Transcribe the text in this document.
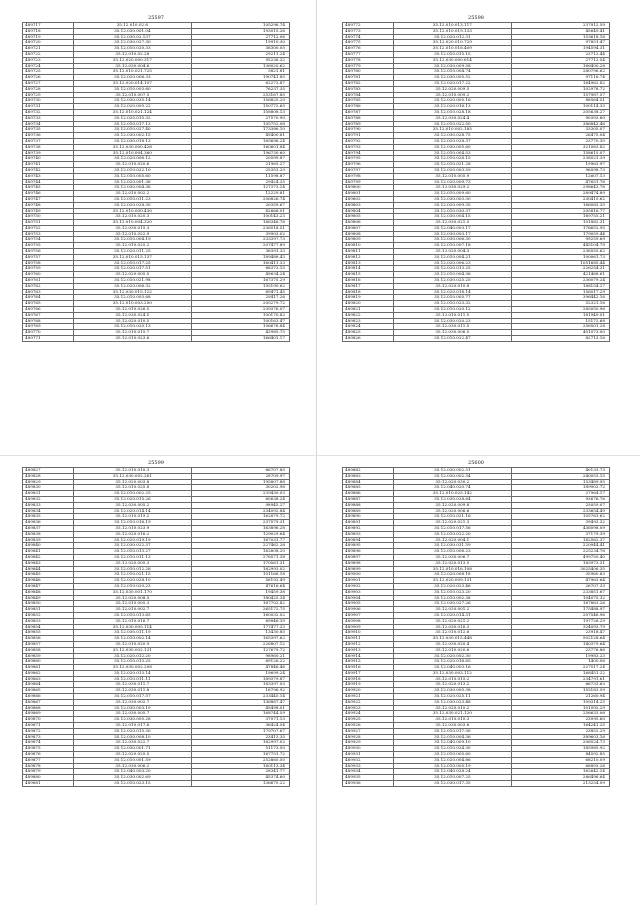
25597
489717	35.12.010.02.6	105296.74
489718	35.12.030.001.04	193015.26
489719	35.12.030.02.137	27712.06
489720	35.12.030.027.30	19910.30
489721	35.12.010.020.33	36300.05
489722	35.12.010.02.28	29211.24
489723	35.12.020.000.317	95236.32
489724	35.12.030.004.6	136020.62
489725	35.12.010.021.725	5821.81
489726	35.12.020.006.33	190741.85
489727	35.12.020.014.107	62272.87
489728	35.12.010.003.60	76237.35
489729	35.12.010.007.5	253167.85
489730	35.12.030.035.14	156825.20
489731	35.12.020.005.22	150772.65
489732	35.12.010.021.124	158808.13
489733	35.12.020.015.32	27570.90
489734	35.12.010.017.13	105752.08
489735	35.12.010.027.40	173386.10
489736	35.12.030.002.15	49400.81
489737	35.12.030.018.13	165696.24
489738	35.12.030.000.428	160601.84
489739	35.12.010.004.360	196730.60
489740	35.12.020.006.12	20599.87
489741	35.12.010.020.6	21965.27
489742	35.12.010.022.10	25353.20
489743	35.12.010.005.60	11598.87
489744	35.12.020.001.36	29424.25
489745	35.12.030.004.36	127373.14
489746	35.12.010.002.2	12229.81
489747	35.12.010.011.23	206826.74
489748	35.12.020.028.30	20359.67
489749	35.12.010.000.430	82666.01
489750	35.12.010.020.3	100143.23
489751	35.12.010.004.320	166346.76
489752	35.12.030.015.3	236518.51
489753	35.12.010.022.9	39903.02
489754	35.12.010.004.19	233397.73
489755	35.12.010.025.2	207477.89
489756	35.12.020.011.25	36391.33
489757	35.12.010.015.137	189488.43
489758	35.12.010.017.25	160411.33
489759	35.12.020.017.51	68372.15
489760	35.12.020.005.5	49634.24
489761	35.12.010.021.98	167375.29
489762	35.12.020.006.32	195190.62
489763	35.12.030.015.122	69471.45
489764	35.12.010.003.68	29417.26
489765	35.12.010.003.250	205279.72
489766	35.12.010.026.5	239376.07
489767	35.12.030.024.5	100170.82
489768	35.12.020.010.5	100163.47
489769	35.12.010.020.13	106676.84
489770	35.12.010.015.7	43985.75
489771	35.12.010.023.6	166401.17
25598
489772	35.12.010.013.117	237912.59
489773	35.12.010.019.133	45649.41
489774	35.12.020.012.31	153618.16
489775	35.12.020.010.729	97851.47
489776	35.12.010.016.409	194594.31
489777	35.12.010.015.15	23712.44
489778	35.12.030.000.614	27712.54
489779	35.12.030.009.58	166400.28
489780	35.12.010.004.74	280796.62
489781	35.12.030.005.52	97116.74
489782	35.12.020.017.22	164962.82
489783	35.12.020.009.5	102978.72
489784	35.12.010.009.2	157987.57
489785	35.12.020.005.16	88564.51
489786	35.12.020.016.13	100114.33
489787	35.12.010.028.18	205638.27
489788	35.12.030.024.4	90393.60
489789	35.12.010.022.50	386843.46
489790	35.12.010.002.185	33305.07
489791	35.12.030.028.75	26475.04
489792	35.12.020.028.37	23770.30
489793	35.12.030.005.60	321083.82
489794	35.12.010.004.53	158615.07
489795	35.12.010.028.15	238521.39
489796	35.12.010.021.28	19963.97
489797	35.12.020.003.59	96098.73
489798	35.12.010.005.9	12607.13
489799	35.12.020.009.73	47651.76
489800	35.12.030.029.2	298643.78
489801	35.12.010.009.60	289474.89
489802	35.12.030.003.30	230415.62
489803	35.12.020.009.35	166083.35
489804	35.12.010.030.37	205816.77
489805	35.12.030.004.15	189755.21
489806	35.12.030.021.5	101882.31
489807	35.12.040.003.17	176652.95
489808	35.12.030.003.17	179059.44
489809	35.12.030.006.30	99259.69
489810	35.12.010.007.18	445104.79
489811	35.12.020.004.3	236555.62
489812	35.12.010.004.21	100061.73
489813	35.12.020.006.23	1051685.44
489814	35.12.020.013.25	226254.31
489815	35.12.010.004.36	421468.61
489816	35.12.030.025.25	236079.24
489817	35.12.020.010.8	188154.27
489818	35.12.020.018.14	156017.29
489819	35.12.010.005.77	396442.16
489820	35.12.010.023.32	52321.16
489821	35.12.010.020.12	285050.96
489822	35.12.010.011.5	181949.01
489823	35.12.030.020.23	15172.68
489824	35.12.030.011.5	256501.28
489825	35.12.030.006.5	401073.00
489826	35.12.010.022.47	82713.16
25599
489827	35.12.010.010.3	66707.85
489828	35.12.030.002.261	28709.97
489829	35.12.020.003.8	195807.88
489830	35.12.010.025.8	30202.96
489831	35.12.010.002.25	239430.03
489832	35.12.020.015.26	60638.24
489833	35.12.030.005.2	98945.27
489834	35.12.020.014.14	234092.84
489835	35.12.010.019.2	162879.72
489836	35.12.010.016.19	237579.31
489837	35.12.010.023.9	163896.28
489838	35.12.020.016.2	129029.64
489839	35.12.020.019.19	167031.77
489840	35.12.030.022.37	227462.28
489841	35.12.010.013.27	162608.20
489842	35.12.010.011.13	276571.38
489843	35.12.020.005.3	170561.31
489844	35.12.010.012.28	162993.02
489845	35.12.010.021.15	101166.18
489846	35.12.020.028.10	56192.49
489847	35.12.010.020.23	47616.64
489848	35.12.030.001.170	19459.38
489849	35.12.020.008.5	180425.34
489850	35.12.010.005.3	167702.82
489851	35.12.010.002.7	265172.75
489852	35.12.010.013.65	160032.02
489853	35.12.010.016.7	69846.39
489854	35.12.030.005.114	177477.33
489855	35.12.030.011.19	13430.85
489856	35.12.010.002.14	165397.62
489857	35.12.010.020.9	226807.12
489858	35.12.030.002.131	127679.72
489859	35.12.020.012.20	98960.21
489860	35.12.010.013.25	69126.22
489861	35.12.030.002.208	47846.46
489862	35.12.020.013.14	19699.24
489863	35.12.010.011.11	189379.87
489864	35.12.030.011.7	163397.03
489865	35.12.030.011.8	16796.92
489866	35.12.010.017.57	233445.14
489867	35.12.030.002.7	136887.47
489868	35.12.030.003.19	49498.01
489869	35.12.030.005.7	168744.59
489870	35.12.030.005.28	37071.13
489871	35.12.010.017.6	36424.54
489872	35.12.020.015.30	179707.67
489873	35.12.030.008.10	23413.35
489874	35.12.030.022.7	162997.02
489875	35.12.030.001.71	51173.50
489876	35.12.020.025.5	167751.72
489877	35.12.010.001.59	252860.50
489878	35.12.030.006.2	160113.34
489879	35.12.040.003.20	28341.77
489880	35.12.030.002.69	45374.60
489881	35.12.010.023.15	136675.22
25600
489882	35.12.030.002.31	40133.73
489883	35.12.030.002.34	240053.15
489884	35.12.020.030.2	153489.95
489885	35.12.040.020.74	189902.72
489886	35.12.010.025.142	27964.17
489887	35.12.030.028.64	93676.76
489888	35.12.020.009.8	25059.07
489889	35.12.020.006.6	233654.49
489890	35.12.010.021.16	105763.62
489891	35.12.020.021.3	39493.32
489892	35.12.010.017.56	436098.09
489893	35.12.010.022.20	37179.39
489894	35.12.020.004.1	182562.37
489895	35.12.030.031.59	220944.41
489896	35.12.010.006.23	225234.76
489897	35.12.030.006.7	499750.40
489898	35.12.020.013.5	183973.31
489899	35.12.010.016.108	3025406.35
489900	35.12.020.008.18	35960.83
489901	35.12.020.009.131	47963.64
489902	35.12.020.023.46	26707.33
489903	35.12.010.023.20	233851.67
489904	35.12.010.002.38	104075.32
489905	35.12.030.027.26	167863.26
489906	35.12.020.001.2	175488.97
489907	35.12.020.014.31	207546.96
489908	35.12.020.021.2	197726.29
489909	35.12.030.016.3	324093.79
489910	35.12.010.012.6	23918.47
489911	35.12.030.015.448	502128.64
489912	35.12.030.020.4	140379.64
489913	35.12.010.020.6	23776.86
489914	35.12.020.002.30	19983.23
489915	35.12.020.016.65	1400.06
489916	35.12.040.003.16	227517.24
489917	35.12.030.003.112	168451.22
489918	35.12.010.015.2	234791.61
489919	35.12.020.013.2	66733.63
489920	35.12.030.005.38	155183.59
489921	35.12.020.025.11	21260.94
489922	35.12.030.023.48	109314.25
489923	35.12.020.010.2	101092.29
489924	35.12.030.021.120	256633.06
489925	35.12.010.010.3	23095.60
489926	35.12.030.003.6	164241.25
489927	35.12.010.017.56	23852.29
489928	35.12.010.004.36	389603.16
489929	35.12.040.009.10	206524.73
489930	35.12.010.024.30	185985.92
489931	35.12.010.005.60	84592.85
489932	35.12.020.004.86	68210.09
489933	35.12.010.005.19	68893.26
489934	35.12.040.028.24	162642.14
489935	35.12.010.007.25	266496.64
489936	35.12.030.017.35	213254.09
